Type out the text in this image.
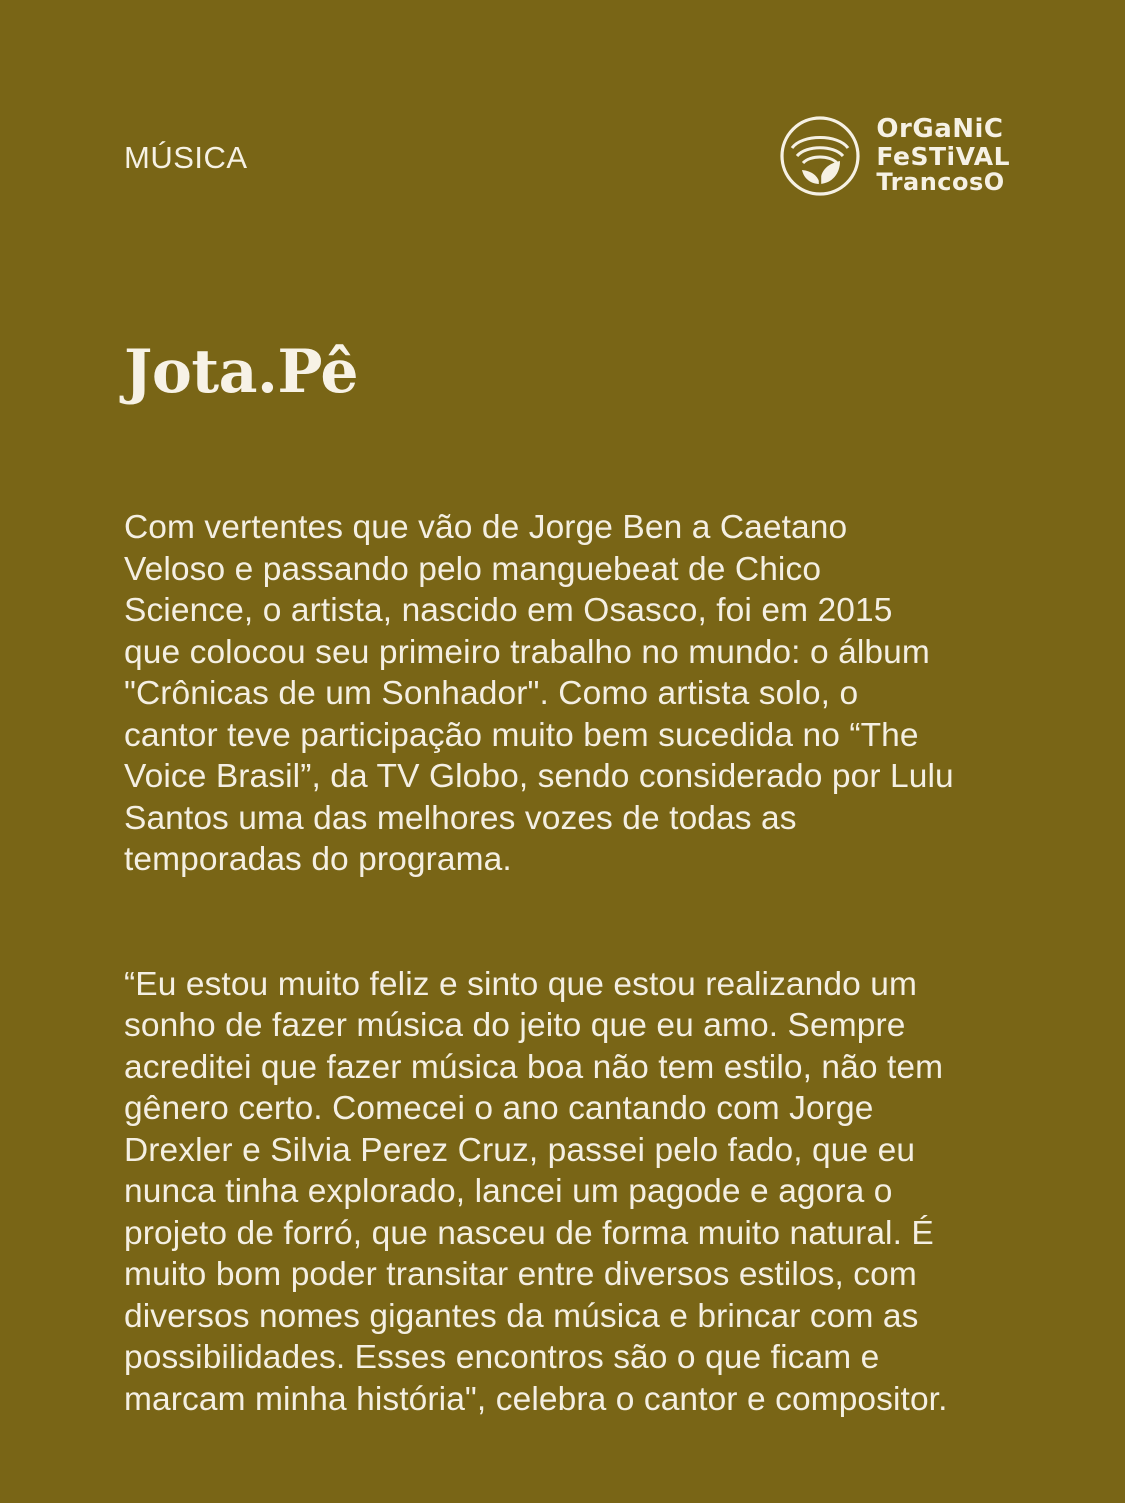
MÚSICA
OrGaNiC
FeSTiVAL
TrancosO
Jota.Pê

Com vertentes que vão de Jorge Ben a Caetano Veloso e passando pelo manguebeat de Chico Science, o artista, nascido em Osasco, foi em 2015 que colocou seu primeiro trabalho no mundo: o álbum "Crônicas de um Sonhador". Como artista solo, o cantor teve participação muito bem sucedida no “The Voice Brasil”, da TV Globo, sendo considerado por Lulu Santos uma das melhores vozes de todas as temporadas do programa.

“Eu estou muito feliz e sinto que estou realizando um sonho de fazer música do jeito que eu amo. Sempre acreditei que fazer música boa não tem estilo, não tem gênero certo. Comecei o ano cantando com Jorge Drexler e Silvia Perez Cruz, passei pelo fado, que eu nunca tinha explorado, lancei um pagode e agora o projeto de forró, que nasceu de forma muito natural. É muito bom poder transitar entre diversos estilos, com diversos nomes gigantes da música e brincar com as possibilidades. Esses encontros são o que ficam e marcam minha história", celebra o cantor e compositor.
